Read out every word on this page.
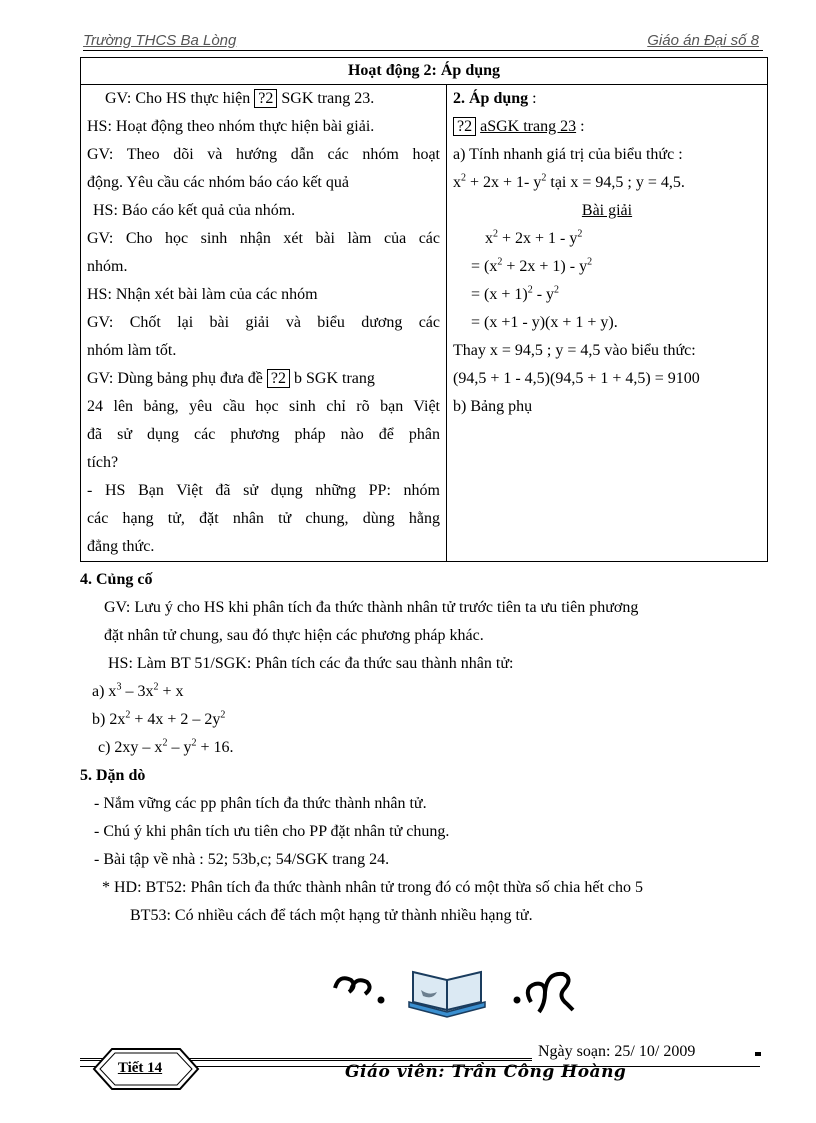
Trường THCS Ba Lòng	Giáo án Đại số 8
Hoạt động 2: Áp dụng

GV: Cho HS thực hiện ?2 SGK trang 23.
HS: Hoạt động theo nhóm thực hiện bài giải.
GV: Theo dõi và hướng dẫn các nhóm hoạt
động. Yêu cầu các nhóm báo cáo kết quả
HS: Báo cáo kết quả của nhóm.
GV: Cho học sinh nhận xét bài làm của các
nhóm.
HS: Nhận xét bài làm của các nhóm
GV: Chốt lại bài giải và biểu dương các
nhóm làm tốt.
GV: Dùng bảng phụ đưa đề ?2 b SGK trang
24 lên bảng, yêu cầu học sinh chỉ rõ bạn Việt
đã sử dụng các phương pháp nào để phân
tích?
- HS Bạn Việt đã sử dụng những PP: nhóm
các hạng tử, đặt nhân tử chung, dùng hằng
đẳng thức.

2. Áp dụng :
?2 aSGK trang 23 :
a) Tính nhanh giá trị của biểu thức :
$x^2 + 2x + 1-$ $y^2$ tại x = 94,5 ; y = 4,5.
Bài giải
$x^2 + 2x + 1 - y^2$
= $(x^2 + 2x + 1) - y^2$
= $(x + 1)^2 - y^2$
= (x +1 - y)(x + 1 + y).
Thay x = 94,5 ; y = 4,5 vào biểu thức:
(94,5 + 1 - 4,5)(94,5 + 1 + 4,5) = 9100
b) Bảng phụ
4. Củng cố
GV: Lưu ý cho HS khi phân tích đa thức thành nhân tử trước tiên ta ưu tiên phương
đặt nhân tử chung, sau đó thực hiện các phương pháp khác.
HS: Làm BT 51/SGK: Phân tích các đa thức sau thành nhân tử:
a) $x^3 - 3x^2 + x$
b) $2x^2 + 4x + 2 - 2y^2$
c) $2xy - x^2 - y^2 + 16$.
5. Dặn dò
- Nắm vững các pp phân tích đa thức thành nhân tử.
- Chú ý khi phân tích ưu tiên cho PP đặt nhân tử chung.
- Bài tập về nhà : 52; 53b,c; 54/SGK trang 24.
* HD: BT52: Phân tích đa thức thành nhân tử trong đó có một thừa số chia hết cho 5
BT53: Có nhiều cách để tách một hạng tử thành nhiều hạng tử.
Ngày soạn: 25/ 10/ 2009
Tiết 14	Giáo viên: Trần Công Hoàng
